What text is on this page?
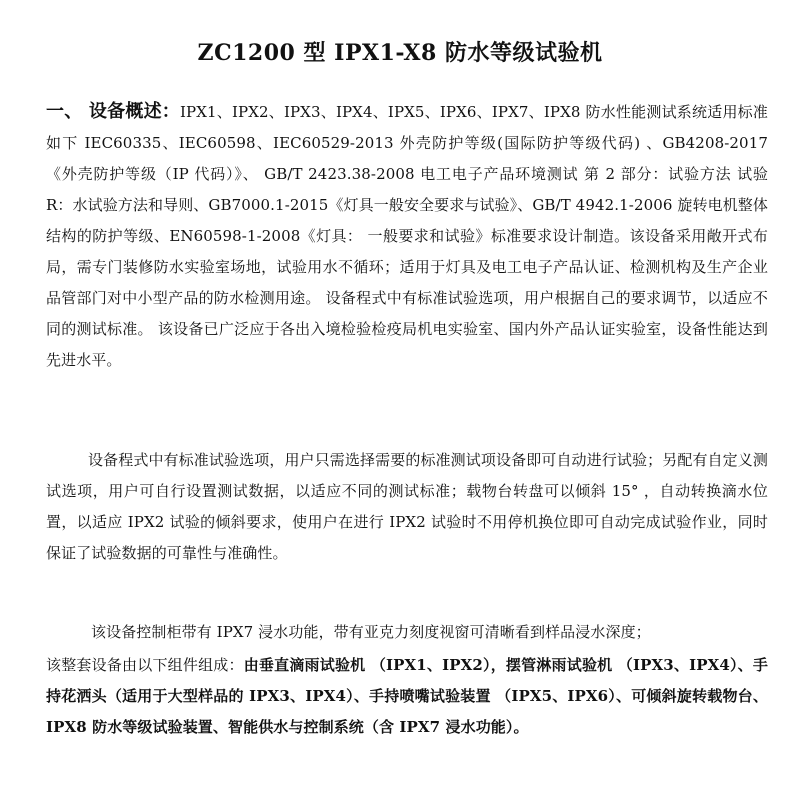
ZC1200 型 IPX1-X8 防水等级试验机

一、 设备概述：IPX1、IPX2、IPX3、IPX4、IPX5、IPX6、IPX7、IPX8 防水性能测试系统适用标准如下 IEC60335、IEC60598、IEC60529-2013 外壳防护等级(国际防护等级代码) 、GB4208-2017《外壳防护等级（IP 代码）》、 GB/T 2423.38-2008 电工电子产品环境测试 第 2 部分：试验方法 试验 R：水试验方法和导则、GB7000.1-2015《灯具一般安全要求与试验》、GB/T 4942.1-2006 旋转电机整体结构的防护等级、EN60598-1-2008《灯具： 一般要求和试验》标准要求设计制造。该设备采用敞开式布局，需专门装修防水实验室场地，试验用水不循环；适用于灯具及电工电子产品认证、检测机构及生产企业品管部门对中小型产品的防水检测用途。 设备程式中有标准试验选项，用户根据自己的要求调节，以适应不同的测试标准。 该设备已广泛应于各出入境检验检疫局机电实验室、国内外产品认证实验室，设备性能达到先进水平。

设备程式中有标准试验选项，用户只需选择需要的标准测试项设备即可自动进行试验；另配有自定义测试选项，用户可自行设置测试数据，以适应不同的测试标准；载物台转盘可以倾斜 15° ，自动转换滴水位置，以适应 IPX2 试验的倾斜要求，使用户在进行 IPX2 试验时不用停机换位即可自动完成试验作业，同时保证了试验数据的可靠性与准确性。

该设备控制柜带有 IPX7 浸水功能，带有亚克力刻度视窗可清晰看到样品浸水深度；

该整套设备由以下组件组成：由垂直滴雨试验机 （IPX1、IPX2），摆管淋雨试验机 （IPX3、IPX4）、手持花洒头（适用于大型样品的 IPX3、IPX4）、手持喷嘴试验装置 （IPX5、IPX6）、可倾斜旋转载物台、IPX8 防水等级试验装置、智能供水与控制系统（含 IPX7 浸水功能）。
